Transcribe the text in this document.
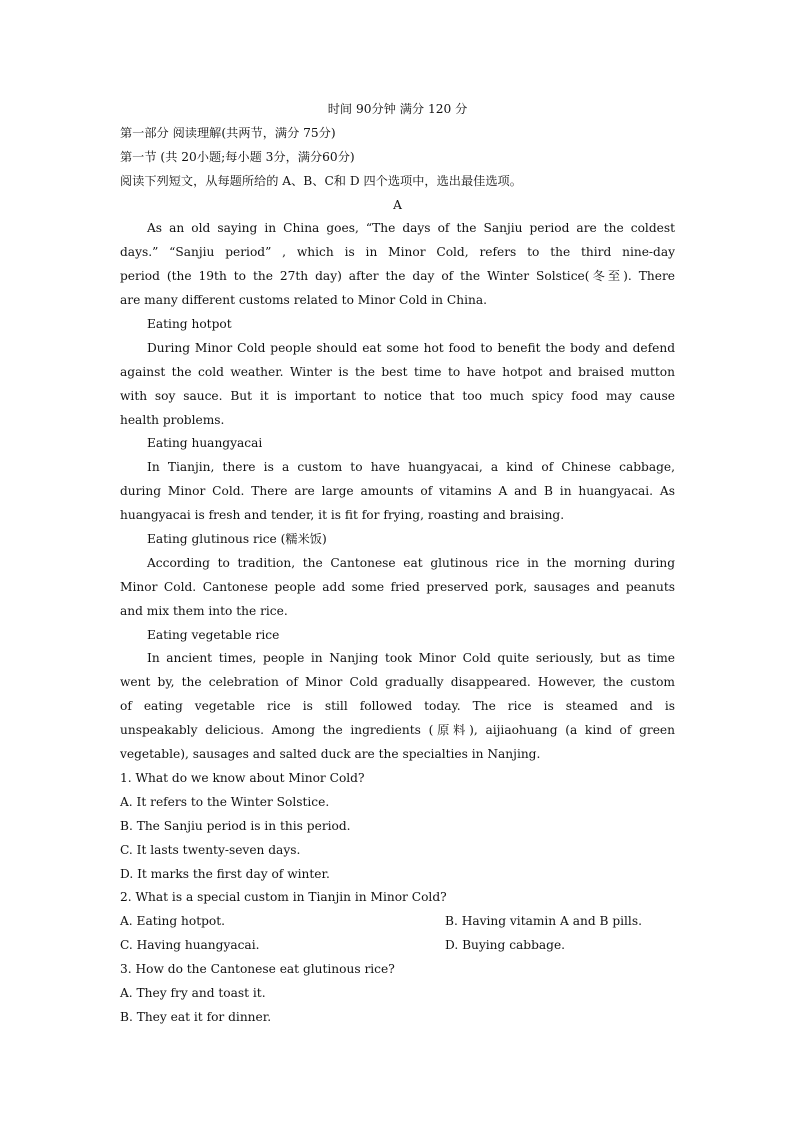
时间 90分钟 满分 120 分
第一部分 阅读理解(共两节，满分 75分)
第一节 (共 20小题;每小题 3分，满分60分)
阅读下列短文，从每题所给的 A、B、C和 D 四个选项中，选出最佳选项。
A
As an old saying in China goes, “The days of the Sanjiu period are the coldest
days.” “Sanjiu period” , which is in Minor Cold, refers to the third nine-day
period (the 19th to the 27th day) after the day of the Winter Solstice(冬至). There
are many different customs related to Minor Cold in China.
Eating hotpot
During Minor Cold people should eat some hot food to benefit the body and defend
against the cold weather. Winter is the best time to have hotpot and braised mutton
with soy sauce. But it is important to notice that too much spicy food may cause
health problems.
Eating huangyacai
In Tianjin, there is a custom to have huangyacai, a kind of Chinese cabbage,
during Minor Cold. There are large amounts of vitamins A and B in huangyacai. As
huangyacai is fresh and tender, it is fit for frying, roasting and braising.
Eating glutinous rice (糯米饭)
According to tradition, the Cantonese eat glutinous rice in the morning during
Minor Cold. Cantonese people add some fried preserved pork, sausages and peanuts
and mix them into the rice.
Eating vegetable rice
In ancient times, people in Nanjing took Minor Cold quite seriously, but as time
went by, the celebration of Minor Cold gradually disappeared. However, the custom
of eating vegetable rice is still followed today. The rice is steamed and is
unspeakably delicious. Among the ingredients (原料), aijiaohuang (a kind of green
vegetable), sausages and salted duck are the specialties in Nanjing.
1. What do we know about Minor Cold?
A. It refers to the Winter Solstice.
B. The Sanjiu period is in this period.
C. It lasts twenty-seven days.
D. It marks the first day of winter.
2. What is a special custom in Tianjin in Minor Cold?
A. Eating hotpot.	B. Having vitamin A and B pills.
C. Having huangyacai.	D. Buying cabbage.
3. How do the Cantonese eat glutinous rice?
A. They fry and toast it.
B. They eat it for dinner.
